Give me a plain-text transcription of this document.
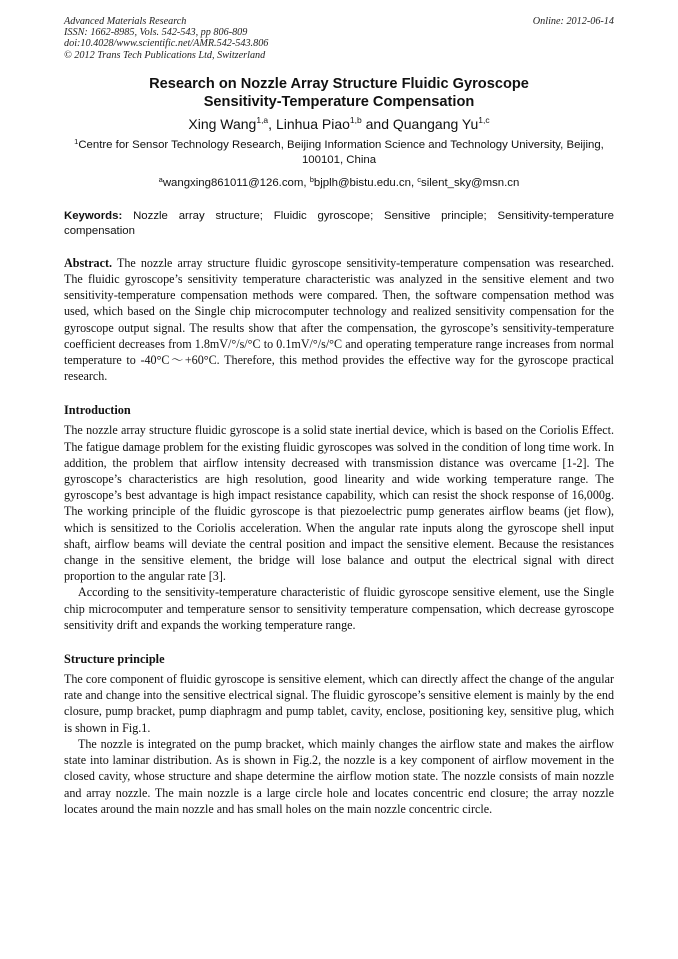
Advanced Materials Research
ISSN: 1662-8985, Vols. 542-543, pp 806-809
doi:10.4028/www.scientific.net/AMR.542-543.806
© 2012 Trans Tech Publications Ltd, Switzerland
Online: 2012-06-14
Research on Nozzle Array Structure Fluidic Gyroscope
Sensitivity-Temperature Compensation
Xing Wang$^{1,a}$, Linhua Piao$^{1,b}$ and Quangang Yu$^{1,c}$
$^1$Centre for Sensor Technology Research, Beijing Information Science and Technology University, Beijing, 100101, China
$^a$wangxing861011@126.com, $^b$bjplh@bistu.edu.cn, $^c$silent_sky@msn.cn
Keywords: Nozzle array structure; Fluidic gyroscope; Sensitive principle; Sensitivity-temperature compensation

Abstract. The nozzle array structure fluidic gyroscope sensitivity-temperature compensation was researched. The fluidic gyroscope’s sensitivity temperature characteristic was analyzed in the sensitive element and two sensitivity-temperature compensation methods were compared. Then, the software compensation method was used, which based on the Single chip microcomputer technology and realized sensitivity compensation for the gyroscope output signal. The results show that after the compensation, the gyroscope’s sensitivity-temperature coefficient decreases from 1.8mV/°/s/°C to 0.1mV/°/s/°C and operating temperature range increases from normal temperature to -40°C～+60°C. Therefore, this method provides the effective way for the gyroscope practical research.

Introduction

The nozzle array structure fluidic gyroscope is a solid state inertial device, which is based on the Coriolis Effect. The fatigue damage problem for the existing fluidic gyroscopes was solved in the condition of long time work. In addition, the problem that airflow intensity decreased with transmission distance was overcame [1-2]. The gyroscope’s characteristics are high resolution, good linearity and wide working temperature range. The gyroscope’s best advantage is high impact resistance capability, which can resist the shock response of 16,000g. The working principle of the fluidic gyroscope is that piezoelectric pump generates airflow beams (jet flow), which is sensitized to the Coriolis acceleration. When the angular rate inputs along the gyroscope shell input shaft, airflow beams will deviate the central position and impact the sensitive element. Because the resistances change in the sensitive element, the bridge will lose balance and output the electrical signal with direct proportion to the angular rate [3].

According to the sensitivity-temperature characteristic of fluidic gyroscope sensitive element, use the Single chip microcomputer and temperature sensor to sensitivity temperature compensation, which decrease gyroscope sensitivity drift and expands the working temperature range.

Structure principle

The core component of fluidic gyroscope is sensitive element, which can directly affect the change of the angular rate and change into the sensitive electrical signal. The fluidic gyroscope’s sensitive element is mainly by the end closure, pump bracket, pump diaphragm and pump tablet, cavity, enclose, positioning key, sensitive plug, which is shown in Fig.1.

The nozzle is integrated on the pump bracket, which mainly changes the airflow state and makes the airflow state into laminar distribution. As is shown in Fig.2, the nozzle is a key component of airflow movement in the closed cavity, whose structure and shape determine the airflow motion state. The nozzle consists of main nozzle and array nozzle. The main nozzle is a large circle hole and locates concentric end closure; the array nozzle locates around the main nozzle and has small holes on the main nozzle concentric circle.
